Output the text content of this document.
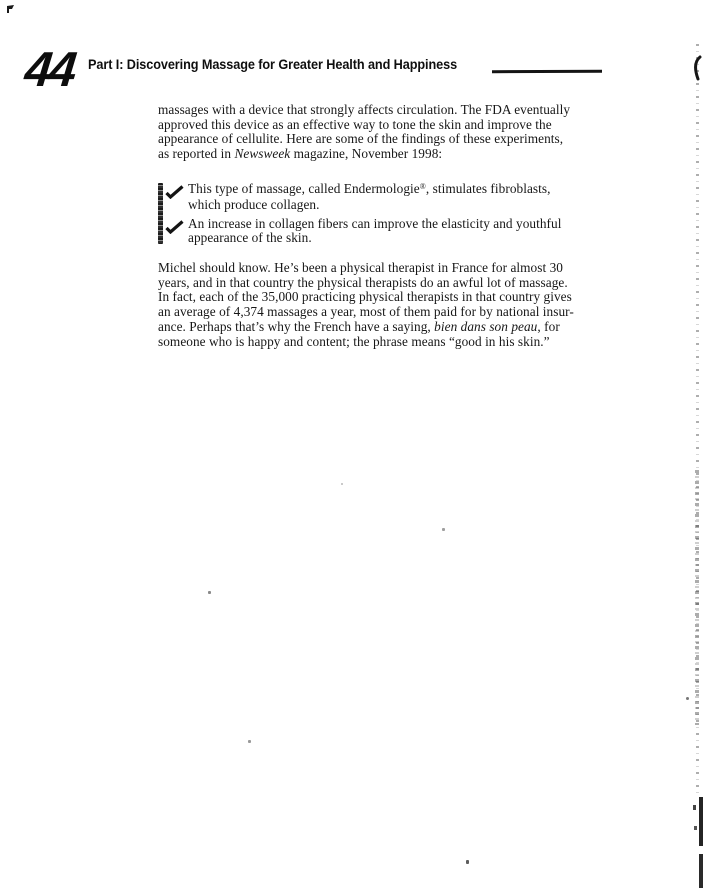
44 Part I: Discovering Massage for Greater Health and Happiness
massages with a device that strongly affects circulation. The FDA eventually
approved this device as an effective way to tone the skin and improve the
appearance of cellulite. Here are some of the findings of these experiments,
as reported in Newsweek magazine, November 1998:
This type of massage, called Endermologie®, stimulates fibroblasts,
which produce collagen.
An increase in collagen fibers can improve the elasticity and youthful
appearance of the skin.
Michel should know. He’s been a physical therapist in France for almost 30
years, and in that country the physical therapists do an awful lot of massage.
In fact, each of the 35,000 practicing physical therapists in that country gives
an average of 4,374 massages a year, most of them paid for by national insur-
ance. Perhaps that’s why the French have a saying, bien dans son peau, for
someone who is happy and content; the phrase means “good in his skin.”
